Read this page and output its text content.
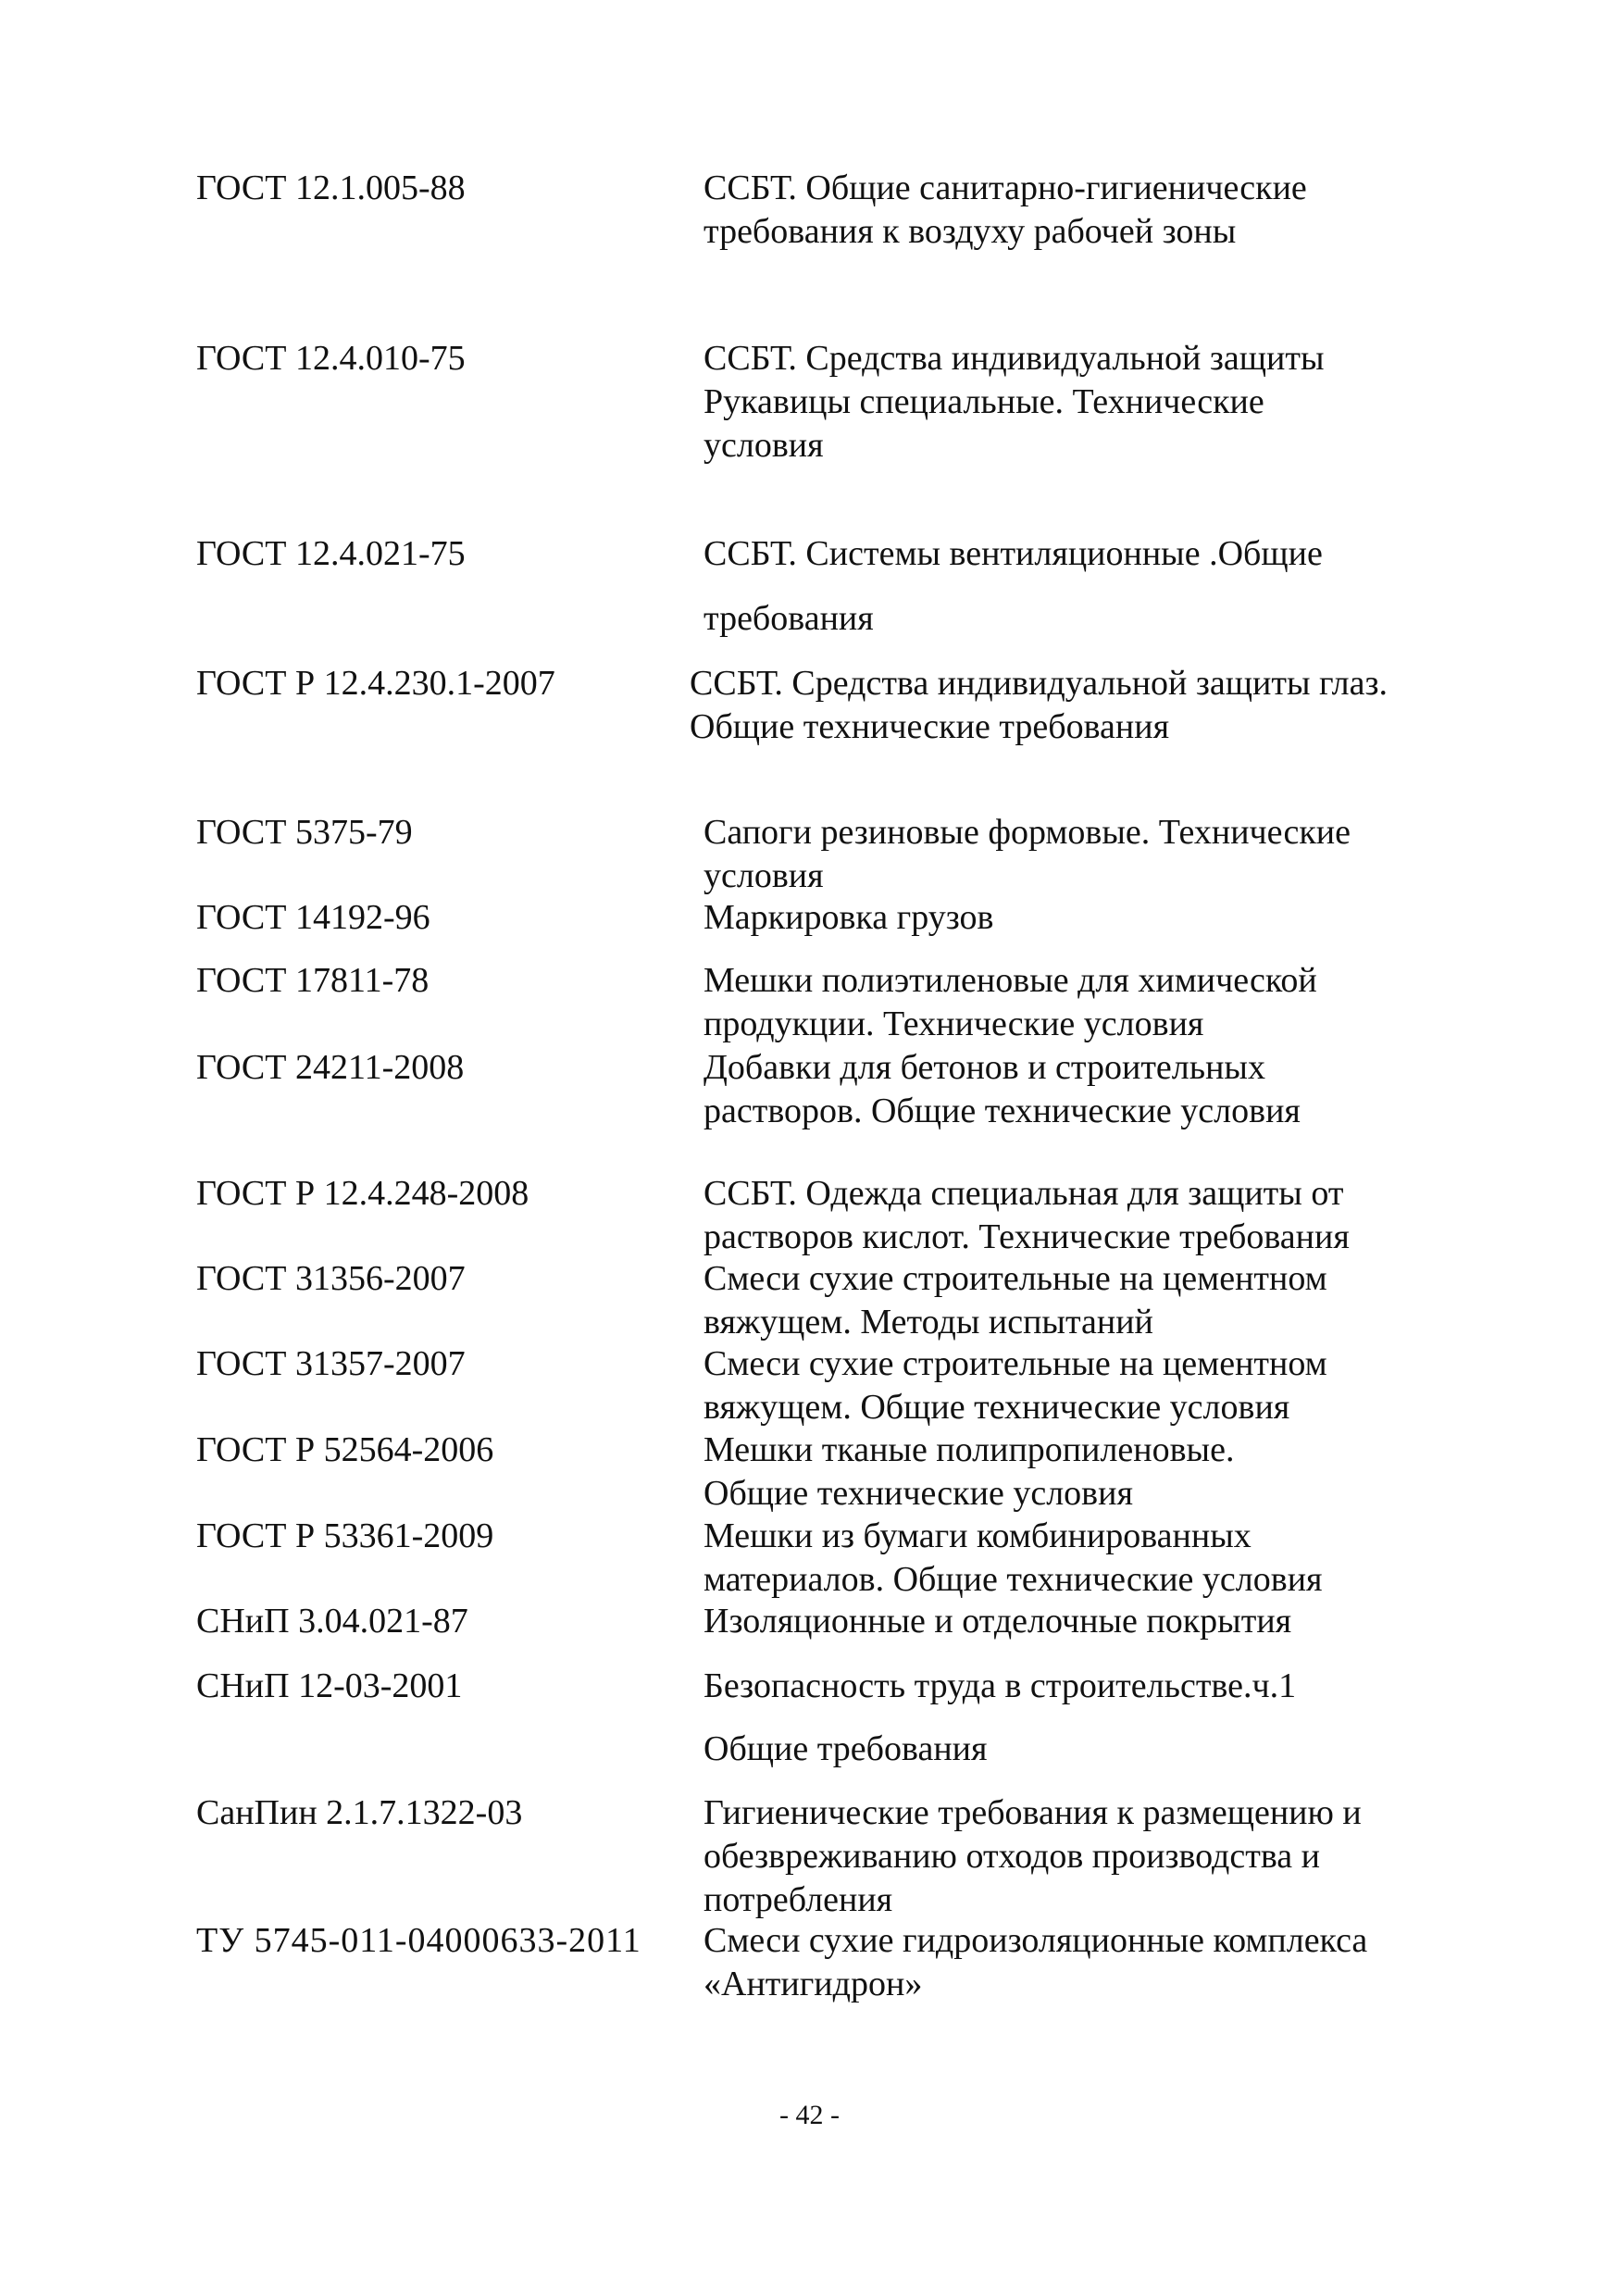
ГОСТ 12.1.005-88	ССБТ. Общие санитарно-гигиенические
требования к воздуху рабочей зоны
ГОСТ 12.4.010-75	ССБТ. Средства индивидуальной защиты
Рукавицы специальные. Технические
условия
ГОСТ 12.4.021-75	ССБТ. Системы вентиляционные .Общие
требования
ГОСТ Р 12.4.230.1-2007	ССБТ. Средства индивидуальной защиты глаз.
Общие технические требования
ГОСТ 5375-79	Сапоги резиновые формовые. Технические
условия
ГОСТ 14192-96	Маркировка грузов
ГОСТ 17811-78	Мешки полиэтиленовые для химической
продукции. Технические условия
ГОСТ 24211-2008	Добавки для бетонов и строительных
растворов. Общие технические условия
ГОСТ Р 12.4.248-2008	ССБТ. Одежда специальная для защиты от
растворов кислот. Технические требования
ГОСТ 31356-2007	Смеси сухие строительные на цементном
вяжущем. Методы испытаний
ГОСТ 31357-2007	Смеси сухие строительные на цементном
вяжущем. Общие технические условия
ГОСТ Р 52564-2006	Мешки тканые полипропиленовые.
Общие технические условия
ГОСТ Р 53361-2009	Мешки из бумаги комбинированных
материалов. Общие технические условия
СНиП 3.04.021-87	Изоляционные и отделочные покрытия
СНиП 12-03-2001	Безопасность труда в строительстве.ч.1
Общие требования
СанПин 2.1.7.1322-03	Гигиенические требования к размещению и
обезвреживанию отходов производства и
потребления
ТУ 5745-011-04000633-2011 Смеси сухие гидроизоляционные комплекса
«Антигидрон»
- 42 -
